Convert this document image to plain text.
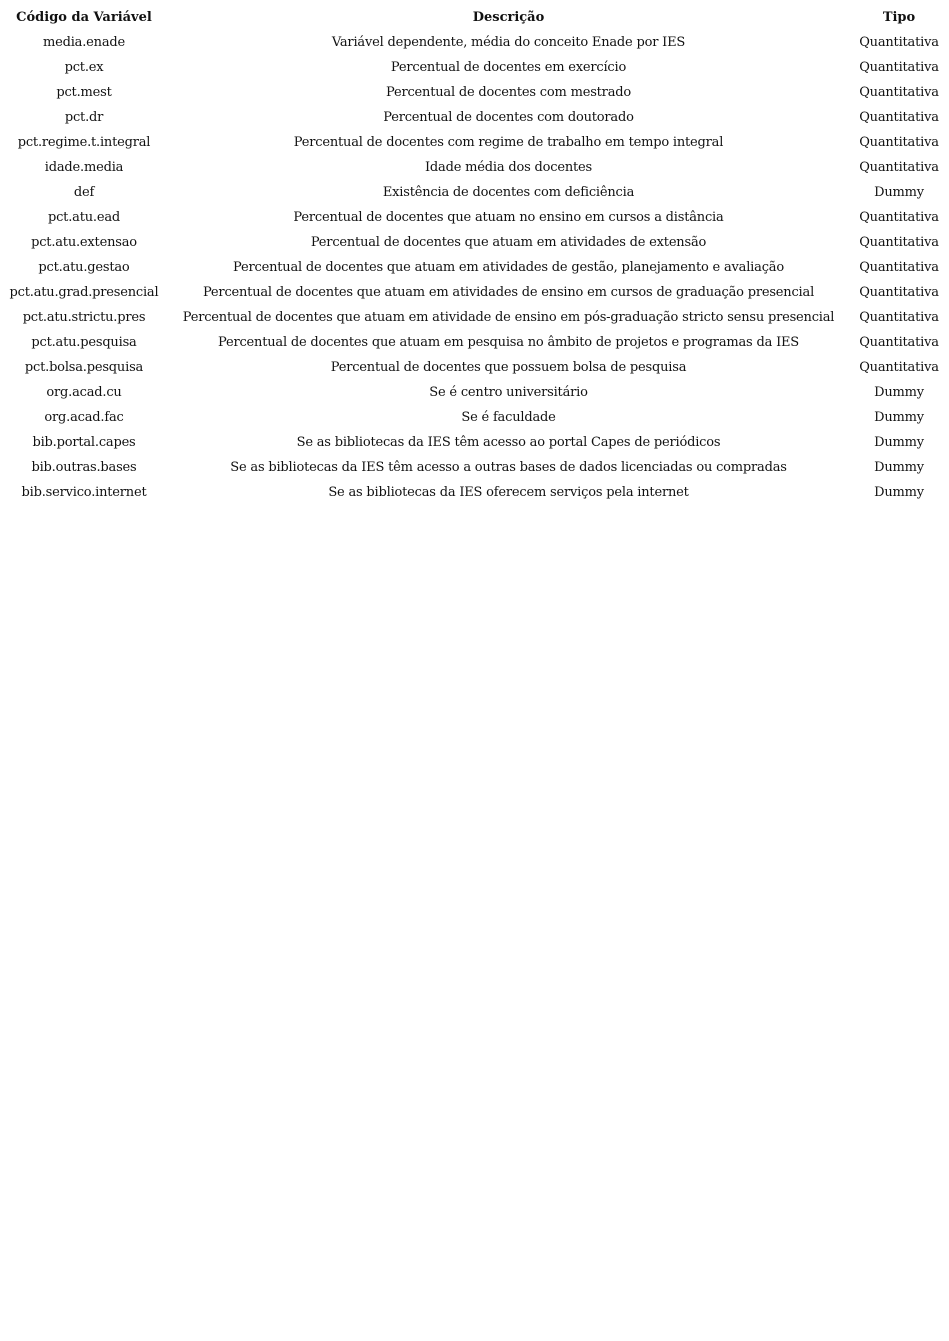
Código da Variável	Descrição	Tipo
media.enade	Variável dependente, média do conceito Enade por IES	Quantitativa
pct.ex	Percentual de docentes em exercício	Quantitativa
pct.mest	Percentual de docentes com mestrado	Quantitativa
pct.dr	Percentual de docentes com doutorado	Quantitativa
pct.regime.t.integral	Percentual de docentes com regime de trabalho em tempo integral	Quantitativa
idade.media	Idade média dos docentes	Quantitativa
def	Existência de docentes com deficiência	Dummy
pct.atu.ead	Percentual de docentes que atuam no ensino em cursos a distância	Quantitativa
pct.atu.extensao	Percentual de docentes que atuam em atividades de extensão	Quantitativa
pct.atu.gestao	Percentual de docentes que atuam em atividades de gestão, planejamento e avaliação	Quantitativa
pct.atu.grad.presencial	Percentual de docentes que atuam em atividades de ensino em cursos de graduação presencial	Quantitativa
pct.atu.strictu.pres	Percentual de docentes que atuam em atividade de ensino em pós-graduação stricto sensu presencial	Quantitativa
pct.atu.pesquisa	Percentual de docentes que atuam em pesquisa no âmbito de projetos e programas da IES	Quantitativa
pct.bolsa.pesquisa	Percentual de docentes que possuem bolsa de pesquisa	Quantitativa
org.acad.cu	Se é centro universitário	Dummy
org.acad.fac	Se é faculdade	Dummy
bib.portal.capes	Se as bibliotecas da IES têm acesso ao portal Capes de periódicos	Dummy
bib.outras.bases	Se as bibliotecas da IES têm acesso a outras bases de dados licenciadas ou compradas	Dummy
bib.servico.internet	Se as bibliotecas da IES oferecem serviços pela internet	Dummy
